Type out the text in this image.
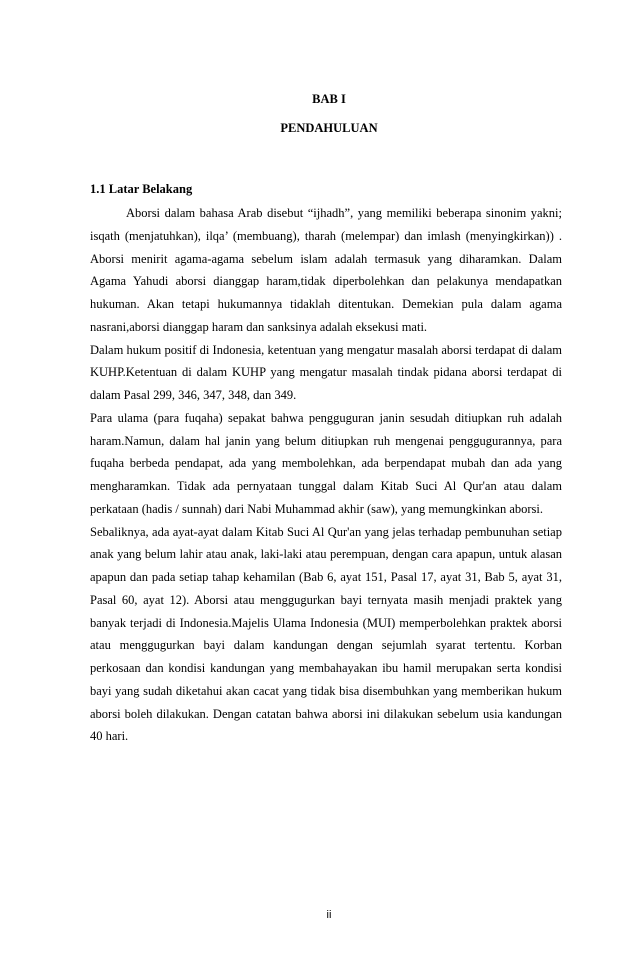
BAB I
PENDAHULUAN
1.1 Latar Belakang

Aborsi dalam bahasa Arab disebut “ijhadh”, yang memiliki beberapa sinonim yakni; isqath (menjatuhkan), ilqa’ (membuang), tharah (melempar) dan imlash (menyingkirkan)) . Aborsi menirit agama-agama sebelum islam adalah termasuk yang diharamkan. Dalam Agama Yahudi aborsi dianggap haram,tidak diperbolehkan dan pelakunya mendapatkan hukuman. Akan tetapi hukumannya tidaklah ditentukan. Demekian pula dalam agama nasrani,aborsi dianggap haram dan sanksinya adalah eksekusi mati.

Dalam hukum positif di Indonesia, ketentuan yang mengatur masalah aborsi terdapat di dalam KUHP.Ketentuan di dalam KUHP yang mengatur masalah tindak pidana aborsi terdapat di dalam Pasal 299, 346, 347, 348, dan 349.

Para ulama (para fuqaha) sepakat bahwa pengguguran janin sesudah ditiupkan ruh adalah haram.Namun, dalam hal janin yang belum ditiupkan ruh mengenai penggugurannya, para fuqaha berbeda pendapat, ada yang membolehkan, ada berpendapat mubah dan ada yang mengharamkan. Tidak ada pernyataan tunggal dalam Kitab Suci Al Qur'an atau dalam perkataan (hadis / sunnah) dari Nabi Muhammad akhir (saw), yang memungkinkan aborsi.

Sebaliknya, ada ayat-ayat dalam Kitab Suci Al Qur'an yang jelas terhadap pembunuhan setiap anak yang belum lahir atau anak, laki-laki atau perempuan, dengan cara apapun, untuk alasan apapun dan pada setiap tahap kehamilan (Bab 6, ayat 151, Pasal 17, ayat 31, Bab 5, ayat 31, Pasal 60, ayat 12). Aborsi atau menggugurkan bayi ternyata masih menjadi praktek yang banyak terjadi di Indonesia.Majelis Ulama Indonesia (MUI) memperbolehkan praktek aborsi atau menggugurkan bayi dalam kandungan dengan sejumlah syarat tertentu. Korban perkosaan dan kondisi kandungan yang membahayakan ibu hamil merupakan serta kondisi bayi yang sudah diketahui akan cacat yang tidak bisa disembuhkan yang memberikan hukum aborsi boleh dilakukan. Dengan catatan bahwa aborsi ini dilakukan sebelum usia kandungan 40 hari.

ii
